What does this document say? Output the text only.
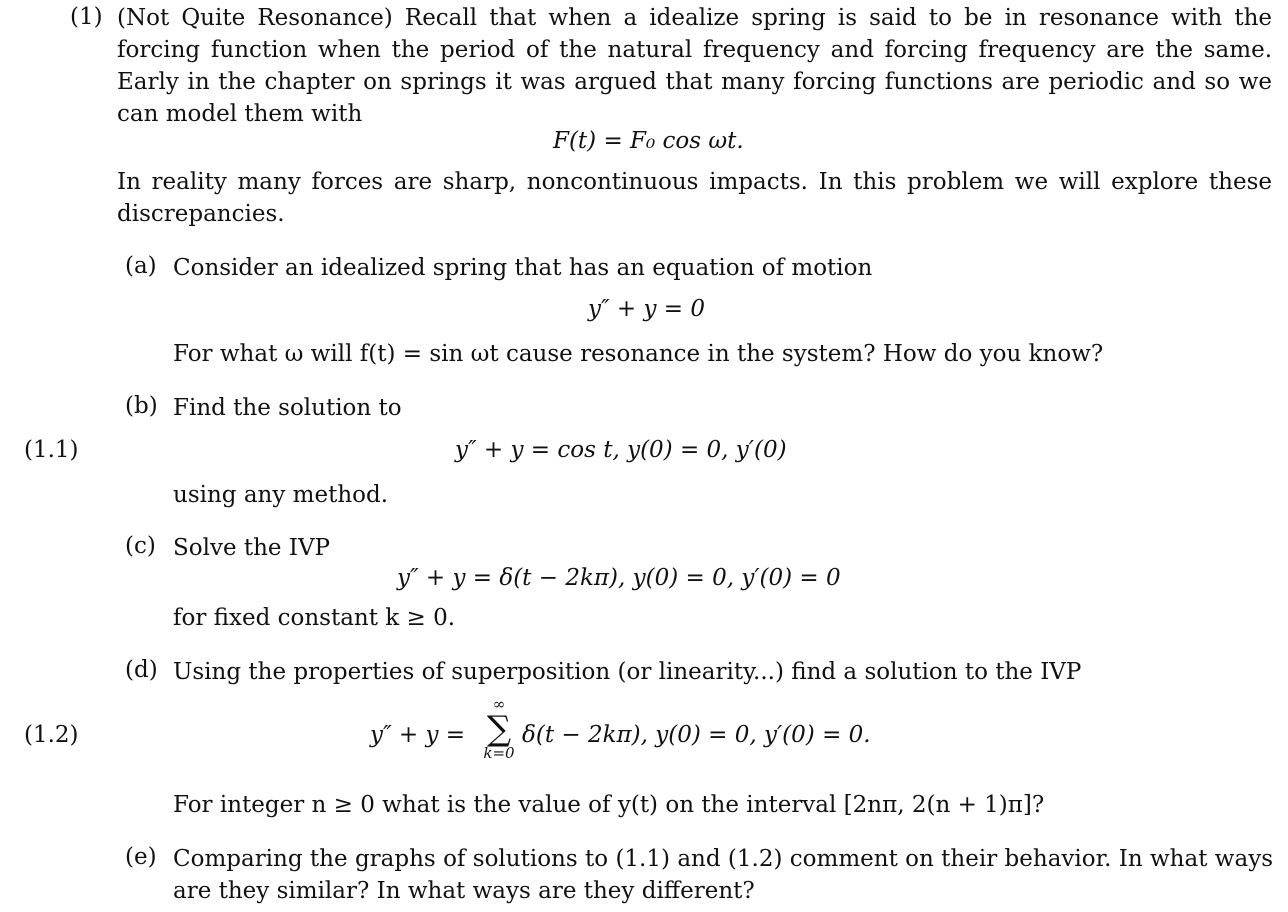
(1) (Not Quite Resonance) Recall that when a idealize spring is said to be in resonance with the forcing function when the period of the natural frequency and forcing frequency are the same. Early in the chapter on springs it was argued that many forcing functions are periodic and so we can model them with
F(t) = F₀ cos ωt.
In reality many forces are sharp, noncontinuous impacts. In this problem we will explore these discrepancies.
(a) Consider an idealized spring that has an equation of motion
y″ + y = 0
For what ω will f(t) = sin ωt cause resonance in the system? How do you know?
(b) Find the solution to
(1.1)	y″ + y = cos t, y(0) = 0, y′(0)
using any method.
(c) Solve the IVP
y″ + y = δ(t − 2kπ), y(0) = 0, y′(0) = 0
for fixed constant k ≥ 0.
(d) Using the properties of superposition (or linearity...) find a solution to the IVP
(1.2)	y″ + y =
∞
∑
k=0
δ(t − 2kπ), y(0) = 0, y′(0) = 0.
For integer n ≥ 0 what is the value of y(t) on the interval [2nπ, 2(n + 1)π]?
(e) Comparing the graphs of solutions to (1.1) and (1.2) comment on their behavior. In what ways are they similar? In what ways are they different?
